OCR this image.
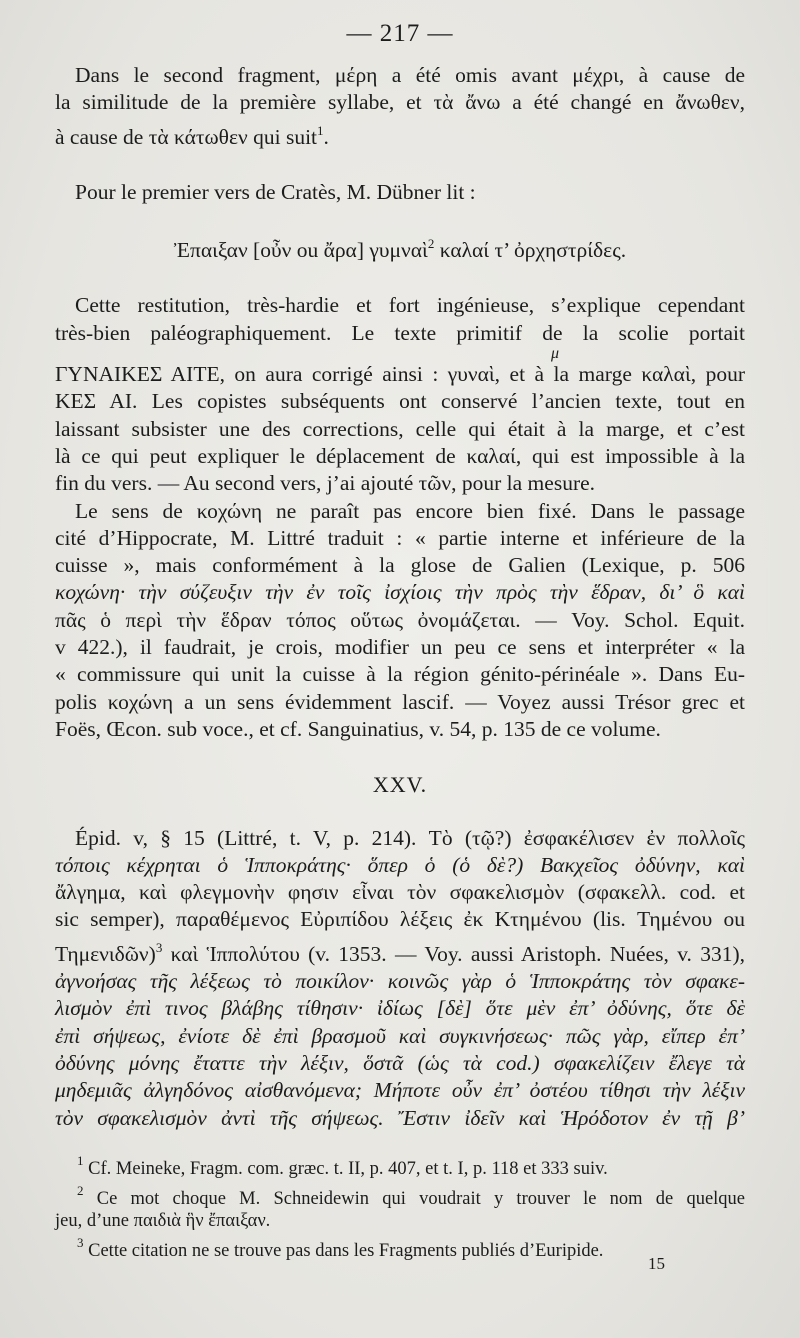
— 217 —
Dans le second fragment, μέρη a été omis avant μέχρι, à cause de
la similitude de la première syllabe, et τὰ ἄνω a été changé en ἄνωθεν,
à cause de τὰ κάτωθεν qui suit$^1$.
Pour le premier vers de Cratès, M. Dübner lit :
Ἐπαιξαν [οὖν ou ἄρα] γυμναὶ$^2$ καλαί τ’ ὀρχηστρίδες.
Cette restitution, très-hardie et fort ingénieuse, s’explique cependant
très-bien paléographiquement. Le texte primitif de la scolie portait
μ
ΓΥΝΑΙΚΕΣ ΑΙΤΕ, on aura corrigé ainsi : γυναὶ, et à la marge καλαὶ, pour
ΚΕΣ ΑΙ. Les copistes subséquents ont conservé l’ancien texte, tout en
laissant subsister une des corrections, celle qui était à la marge, et c’est
là ce qui peut expliquer le déplacement de καλαί, qui est impossible à la
fin du vers. — Au second vers, j’ai ajouté τῶν, pour la mesure.
Le sens de κοχώνη ne paraît pas encore bien fixé. Dans le passage
cité d’Hippocrate, M. Littré traduit : « partie interne et inférieure de la
cuisse », mais conformément à la glose de Galien (Lexique, p. 506
κοχώνη· τὴν σύζευξιν τὴν ἐν τοῖς ἰσχίοις τὴν πρὸς τὴν ἕδραν, δι’ ὃ καὶ
πᾶς ὁ περὶ τὴν ἕδραν τόπος οὕτως ὀνομάζεται. — Voy. Schol. Equit.
v 422.), il faudrait, je crois, modifier un peu ce sens et interpréter « la
« commissure qui unit la cuisse à la région génito-périnéale ». Dans Eu-
polis κοχώνη a un sens évidemment lascif. — Voyez aussi Trésor grec et
Foës, Œcon. sub voce., et cf. Sanguinatius, v. 54, p. 135 de ce volume.
XXV.
Épid. v, § 15 (Littré, t. V, p. 214). Τὸ (τῷ?) ἐσφακέλισεν ἐν πολλοῖς
τόποις κέχρηται ὁ Ἱπποκράτης· ὅπερ ὁ (ὁ δὲ?) Βακχεῖος ὀδύνην, καὶ
ἄλγημα, καὶ φλεγμονὴν φησιν εἶναι τὸν σφακελισμὸν (σφακελλ. cod. et
sic semper), παραθέμενος Εὐριπίδου λέξεις ἐκ Κτημένου (lis. Τημένου ou
Τημενιδῶν)$^3$ καὶ Ἱππολύτου (v. 1353. — Voy. aussi Aristoph. Nuées, v. 331),
ἀγνοήσας τῆς λέξεως τὸ ποικίλον· κοινῶς γὰρ ὁ Ἱπποκράτης τὸν σφακε-
λισμὸν ἐπὶ τινος βλάβης τίθησιν· ἰδίως [δὲ] ὅτε μὲν ἐπ’ ὀδύνης, ὅτε δὲ
ἐπὶ σήψεως, ἐνίοτε δὲ ἐπὶ βρασμοῦ καὶ συγκινήσεως· πῶς γὰρ, εἴπερ ἐπ’
ὀδύνης μόνης ἔταττε τὴν λέξιν, ὅστᾶ (ὡς τὰ cod.) σφακελίζειν ἔλεγε τὰ
μηδεμιᾶς ἀλγηδόνος αἰσθανόμενα; Μήποτε οὖν ἐπ’ ὀστέου τίθησι τὴν λέξιν
τὸν σφακελισμὸν ἀντὶ τῆς σήψεως. Ἔστιν ἰδεῖν καὶ Ἡρόδοτον ἐν τῇ β’
$^1$ Cf. Meineke, Fragm. com. græc. t. II, p. 407, et t. I, p. 118 et 333 suiv.
$^2$ Ce mot choque M. Schneidewin qui voudrait y trouver le nom de quelque
jeu, d’une παιδιὰ ἣν ἔπαιξαν.
$^3$ Cette citation ne se trouve pas dans les Fragments publiés d’Euripide.
15
